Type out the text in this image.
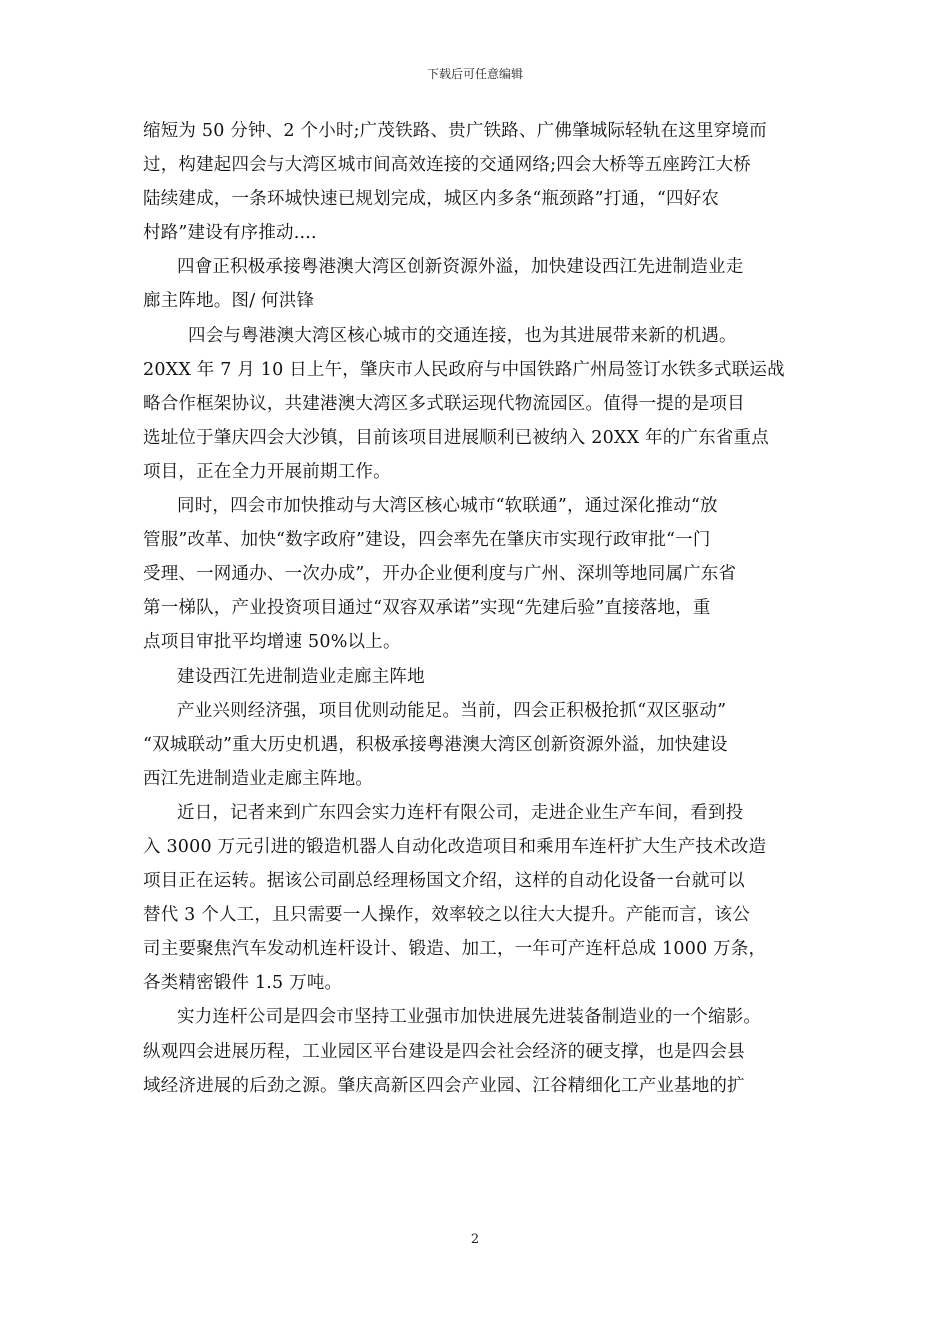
下载后可任意编辑
缩短为 50 分钟、2 个小时;广茂铁路、贵广铁路、广佛肇城际轻轨在这里穿境而
过，构建起四会与大湾区城市间高效连接的交通网络;四会大桥等五座跨江大桥
陆续建成，一条环城快速已规划完成，城区内多条“瓶颈路”打通，“四好农
村路”建设有序推动....
四會正积极承接粤港澳大湾区创新资源外溢，加快建设西江先进制造业走
廊主阵地。图/ 何洪锋
四会与粤港澳大湾区核心城市的交通连接，也为其进展带来新的机遇。
20XX 年 7 月 10 日上午，肇庆市人民政府与中国铁路广州局签订水铁多式联运战
略合作框架协议，共建港澳大湾区多式联运现代物流园区。值得一提的是项目
选址位于肇庆四会大沙镇，目前该项目进展顺利已被纳入 20XX 年的广东省重点
项目，正在全力开展前期工作。
同时，四会市加快推动与大湾区核心城市“软联通”，通过深化推动“放
管服”改革、加快“数字政府”建设，四会率先在肇庆市实现行政审批“一门
受理、一网通办、一次办成”，开办企业便利度与广州、深圳等地同属广东省
第一梯队，产业投资项目通过“双容双承诺”实现“先建后验”直接落地，重
点项目审批平均增速 50%以上。
建设西江先进制造业走廊主阵地
产业兴则经济强，项目优则动能足。当前，四会正积极抢抓“双区驱动”
“双城联动”重大历史机遇，积极承接粤港澳大湾区创新资源外溢，加快建设
西江先进制造业走廊主阵地。
近日，记者来到广东四会实力连杆有限公司，走进企业生产车间，看到投
入 3000 万元引进的锻造机器人自动化改造项目和乘用车连杆扩大生产技术改造
项目正在运转。据该公司副总经理杨国文介绍，这样的自动化设备一台就可以
替代 3 个人工，且只需要一人操作，效率较之以往大大提升。产能而言，该公
司主要聚焦汽车发动机连杆设计、锻造、加工，一年可产连杆总成 1000 万条，
各类精密锻件 1.5 万吨。
实力连杆公司是四会市坚持工业强市加快进展先进装备制造业的一个缩影。
纵观四会进展历程，工业园区平台建设是四会社会经济的硬支撑，也是四会县
域经济进展的后劲之源。肇庆高新区四会产业园、江谷精细化工产业基地的扩
2
